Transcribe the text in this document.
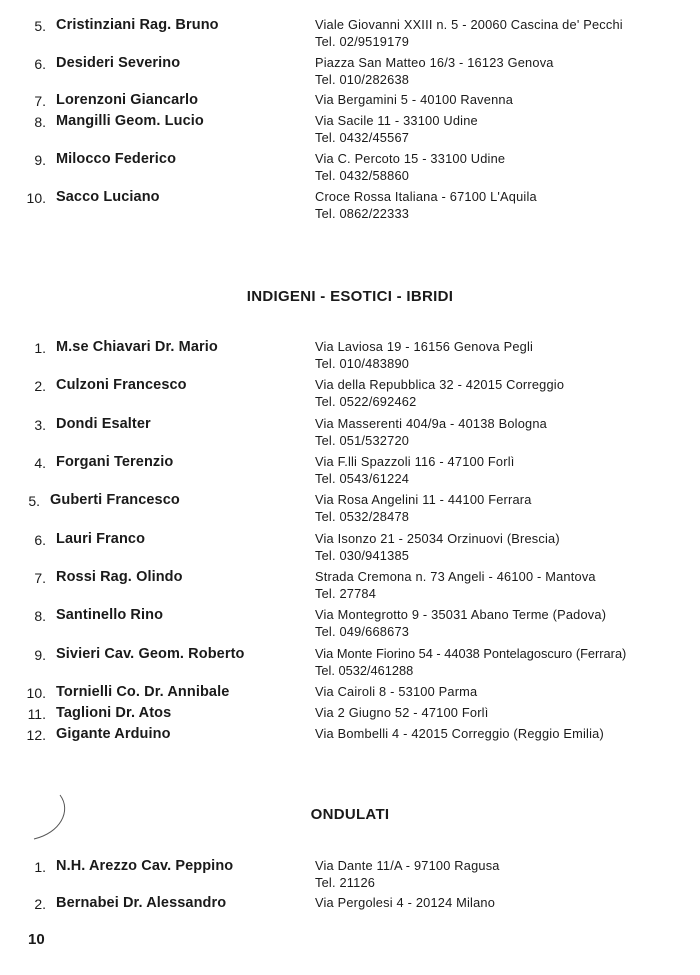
5. Cristinziani Rag. Bruno	Viale Giovanni XXIII n. 5 - 20060 Cascina de' Pecchi
Tel. 02/9519179
6. Desideri Severino	Piazza San Matteo 16/3 - 16123 Genova
Tel. 010/282638
7. Lorenzoni Giancarlo	Via Bergamini 5 - 40100 Ravenna
8. Mangilli Geom. Lucio	Via Sacile 11 - 33100 Udine
Tel. 0432/45567
9. Milocco Federico	Via C. Percoto 15 - 33100 Udine
Tel. 0432/58860
10. Sacco Luciano	Croce Rossa Italiana - 67100 L'Aquila
Tel. 0862/22333
INDIGENI - ESOTICI - IBRIDI
1. M.se Chiavari Dr. Mario	Via Laviosa 19 - 16156 Genova Pegli
Tel. 010/483890
2. Culzoni Francesco	Via della Repubblica 32 - 42015 Correggio
Tel. 0522/692462
3. Dondi Esalter	Via Masserenti 404/9a - 40138 Bologna
Tel. 051/532720
4. Forgani Terenzio	Via F.lli Spazzoli 116 - 47100 Forlì
Tel. 0543/61224
5. Guberti Francesco	Via Rosa Angelini 11 - 44100 Ferrara
Tel. 0532/28478
6. Lauri Franco	Via Isonzo 21 - 25034 Orzinuovi (Brescia)
Tel. 030/941385
7. Rossi Rag. Olindo	Strada Cremona n. 73 Angeli - 46100 - Mantova
Tel. 27784
8. Santinello Rino	Via Montegrotto 9 - 35031 Abano Terme (Padova)
Tel. 049/668673
9. Sivieri Cav. Geom. Roberto	Via Monte Fiorino 54 - 44038 Pontelagoscuro (Ferrara)
Tel. 0532/461288
10. Tornielli Co. Dr. Annibale	Via Cairoli 8 - 53100 Parma
11. Taglioni Dr. Atos	Via 2 Giugno 52 - 47100 Forlì
12. Gigante Arduino	Via Bombelli 4 - 42015 Correggio (Reggio Emilia)
ONDULATI
1. N.H. Arezzo Cav. Peppino	Via Dante 11/A - 97100 Ragusa
Tel. 21126
2. Bernabei Dr. Alessandro	Via Pergolesi 4 - 20124 Milano
10
